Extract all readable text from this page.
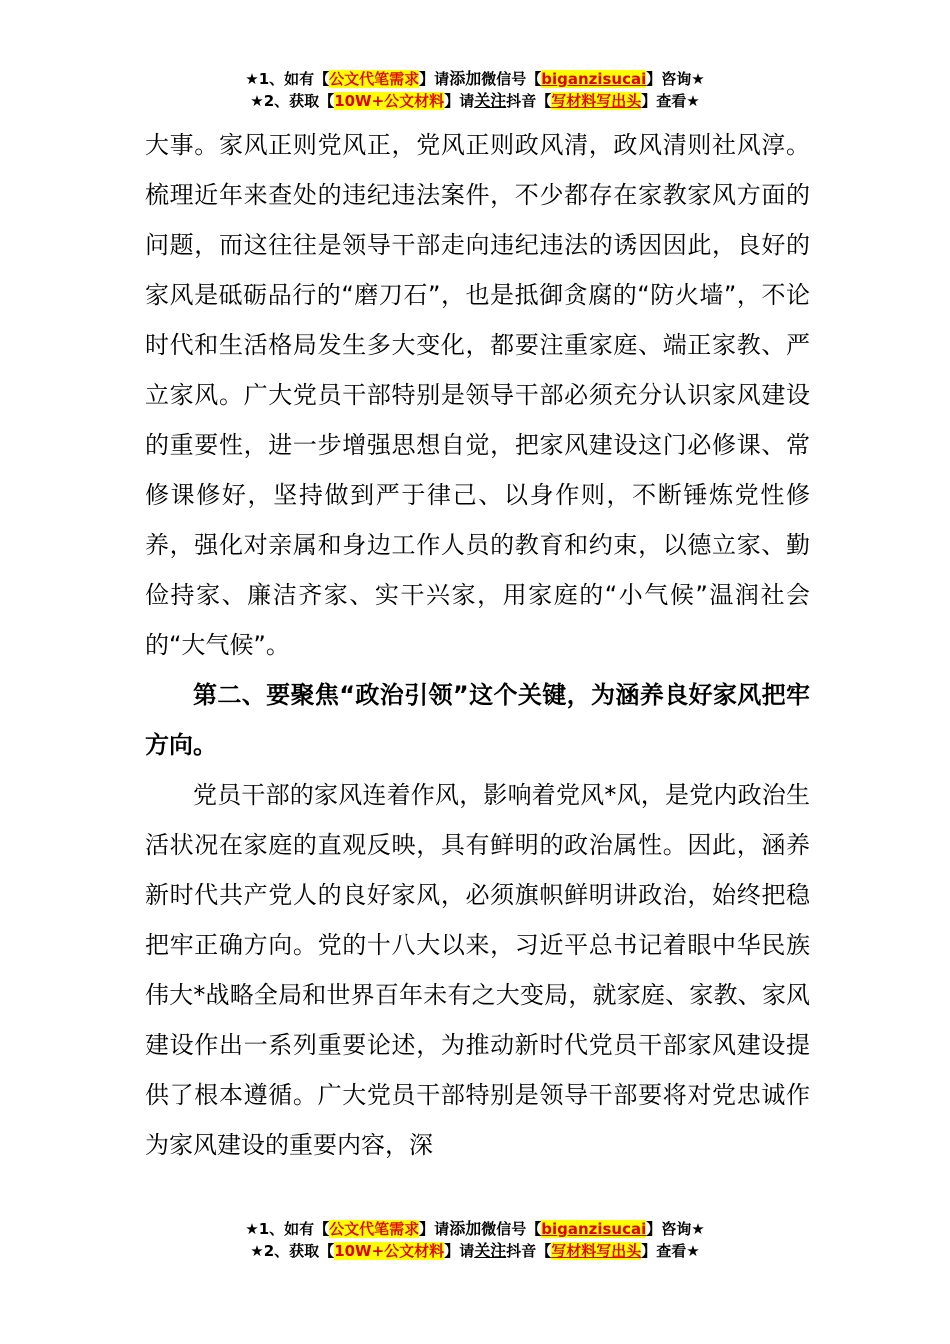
★1、如有【公文代笔需求】请添加微信号【biganzisucai】咨询★
★2、获取【10W+公文材料】请关注抖音【写材料写出头】查看★

大事。家风正则党风正，党风正则政风清，政风清则社风淳。梳理近年来查处的违纪违法案件，不少都存在家教家风方面的问题，而这往往是领导干部走向违纪违法的诱因因此，良好的家风是砥砺品行的“磨刀石”，也是抵御贪腐的“防火墙”，不论时代和生活格局发生多大变化，都要注重家庭、端正家教、严立家风。广大党员干部特别是领导干部必须充分认识家风建设的重要性，进一步增强思想自觉，把家风建设这门必修课、常修课修好，坚持做到严于律己、以身作则，不断锤炼党性修养，强化对亲属和身边工作人员的教育和约束，以德立家、勤俭持家、廉洁齐家、实干兴家，用家庭的“小气候”温润社会的“大气候”。

第二、要聚焦“政治引领”这个关键，为涵养良好家风把牢方向。

党员干部的家风连着作风，影响着党风*风，是党内政治生活状况在家庭的直观反映，具有鲜明的政治属性。因此，涵养新时代共产党人的良好家风，必须旗帜鲜明讲政治，始终把稳把牢正确方向。党的十八大以来，习近平总书记着眼中华民族伟大*战略全局和世界百年未有之大变局，就家庭、家教、家风建设作出一系列重要论述，为推动新时代党员干部家风建设提供了根本遵循。广大党员干部特别是领导干部要将对党忠诚作为家风建设的重要内容，深

★1、如有【公文代笔需求】请添加微信号【biganzisucai】咨询★
★2、获取【10W+公文材料】请关注抖音【写材料写出头】查看★
